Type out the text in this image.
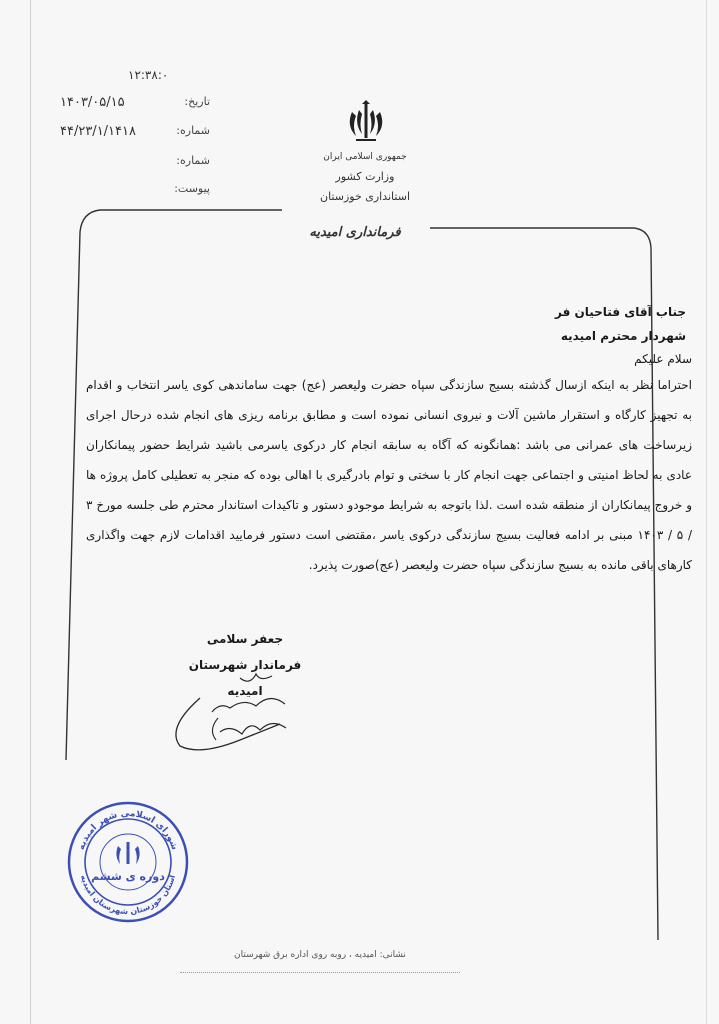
۱۲:۳۸:۰
تاریخ:
۱۴۰۳/۰۵/۱۵
شماره:
۴۴/۲۳/۱/۱۴۱۸
شماره:
پیوست:
جمهوری اسلامی ایران
وزارت کشور
استانداری خوزستان
فرمانداری امیدیه
جناب آقای فتاحیان فر
شهردار محترم امیدیه
سلام علیکم
احتراما نظر به اینکه ازسال گذشته بسیج سازندگی سپاه حضرت ولیعصر (عج) جهت ساماندهی کوی یاسر انتخاب و اقدام به تجهیز کارگاه و استقرار ماشین آلات و نیروی انسانی نموده است و مطابق برنامه ریزی های انجام شده درحال اجرای زیرساخت های عمرانی می باشد :همانگونه که آگاه به سابقه انجام کار درکوی یاسرمی باشید شرایط حضور پیمانکاران عادی به لحاظ امنیتی و اجتماعی جهت انجام کار با سختی و توام بادرگیری با اهالی بوده که منجر به تعطیلی کامل پروژه ها و خروج پیمانکاران از منطقه شده است .لذا باتوجه به شرایط موجودو دستور و تاکیدات استاندار محترم طی جلسه مورخ ۳ / ۵ / ۱۴۰۳ مبنی بر ادامه فعالیت بسیج سازندگی درکوی یاسر ،مقتضی است دستور فرمایید اقدامات لازم جهت واگذاری کارهای باقی مانده به بسیج سازندگی سپاه حضرت ولیعصر (عج)صورت پذیرد.
جعفر سلامی
فرماندار شهرستان امیدیه
دوره ی ششم
شورای اسلامی شهر امیدیه
استان خوزستان شهرستان امیدیه
نشانی: امیدیه ، روبه روی اداره برق شهرستان
